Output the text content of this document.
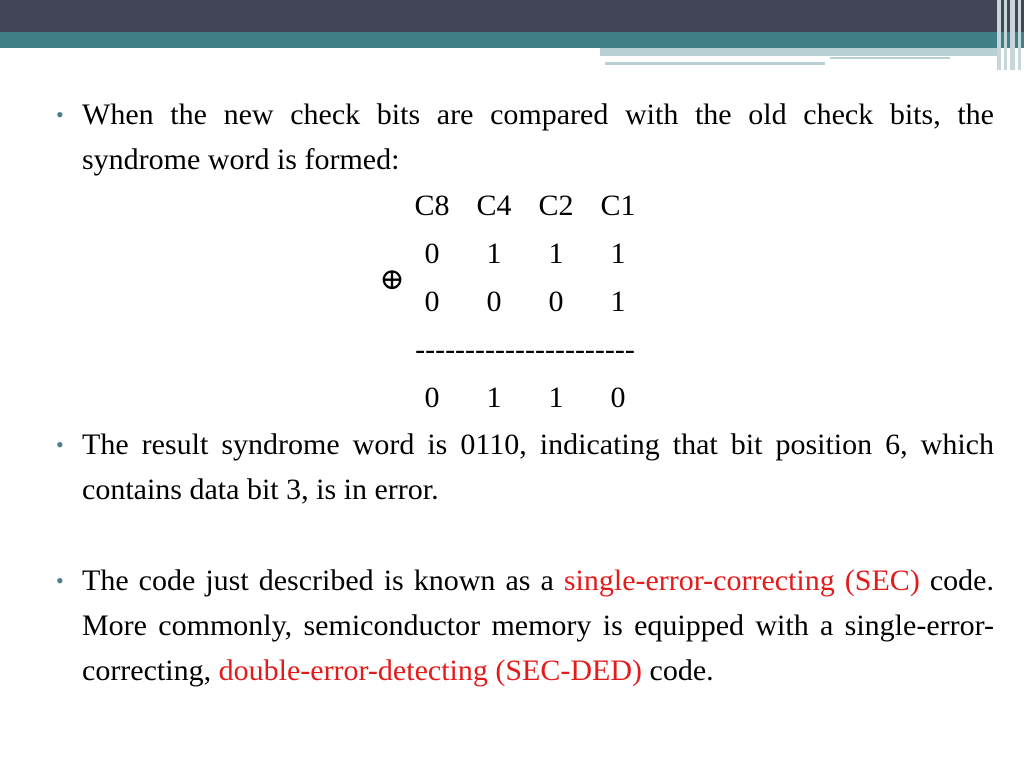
• When the new check bits are compared with the old check bits, the syndrome word is formed:
C8 C4 C2 C1
0	1	1	1
⊕
0	0	0	1
----------------------
0	1	1	0
• The result syndrome word is 0110, indicating that bit position 6, which contains data bit 3, is in error.
• The code just described is known as a single-error-correcting (SEC) code. More commonly, semiconductor memory is equipped with a single-error-correcting, double-error-detecting (SEC-DED) code.
